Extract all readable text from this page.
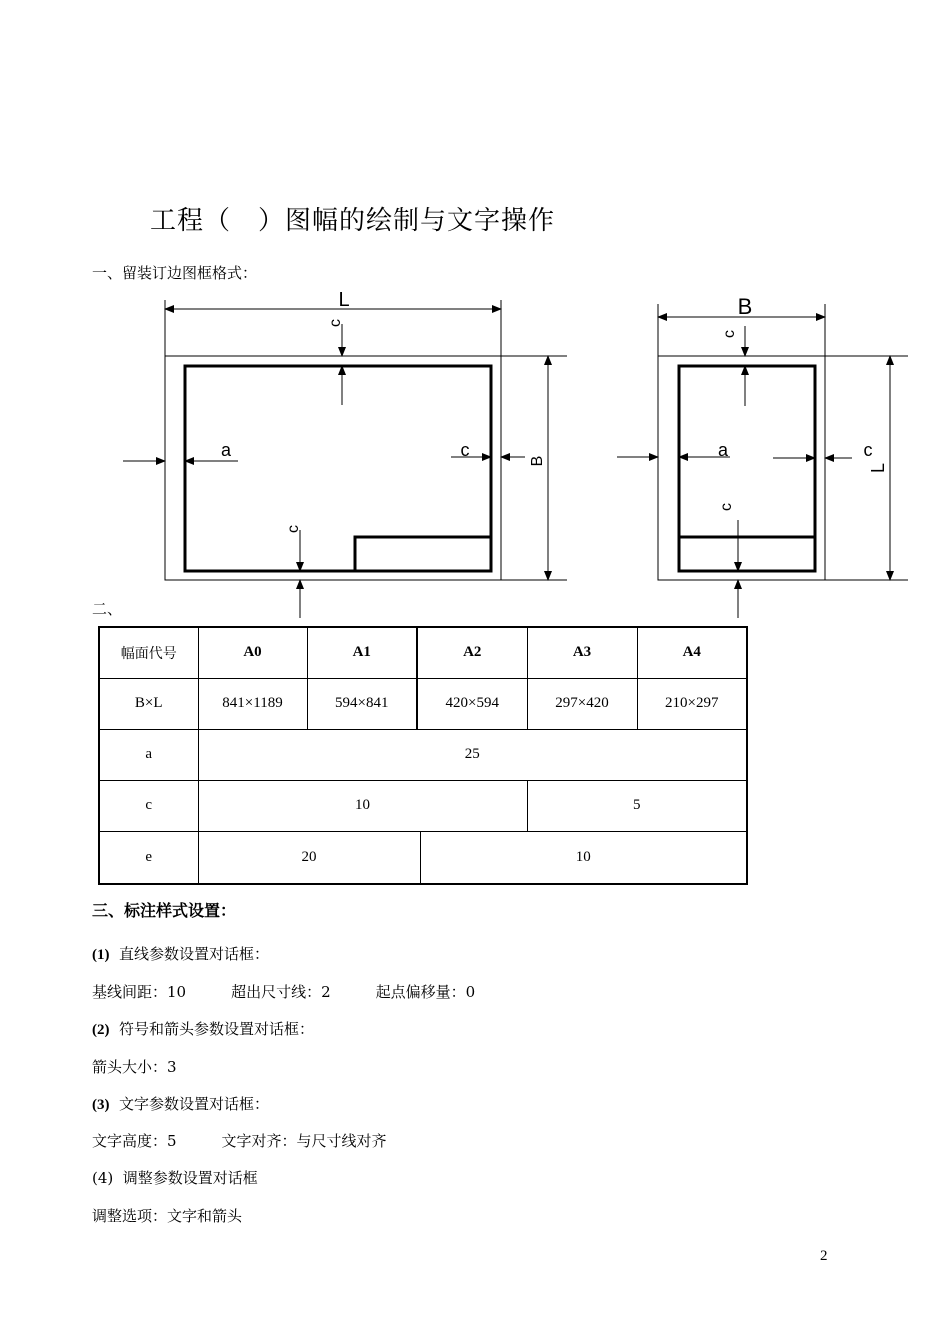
工程（　）图幅的绘制与文字操作
一、留装订边图框格式：
L
B
c
a	c
c
B
L
c
a	c
c
二、
幅面代号	A0	A1	A2	A3	A4
B×L	841×1189	594×841	420×594	297×420	210×297
a	25				
c	10			5	
e	20 10				
三、标注样式设置：
(1) 直线参数设置对话框：
基线间距：10　　　超出尺寸线：2　　　起点偏移量：0
(2) 符号和箭头参数设置对话框：
箭头大小：3
(3) 文字参数设置对话框：
文字高度：5　　　文字对齐：与尺寸线对齐
(4) 调整参数设置对话框
调整选项：文字和箭头
2
